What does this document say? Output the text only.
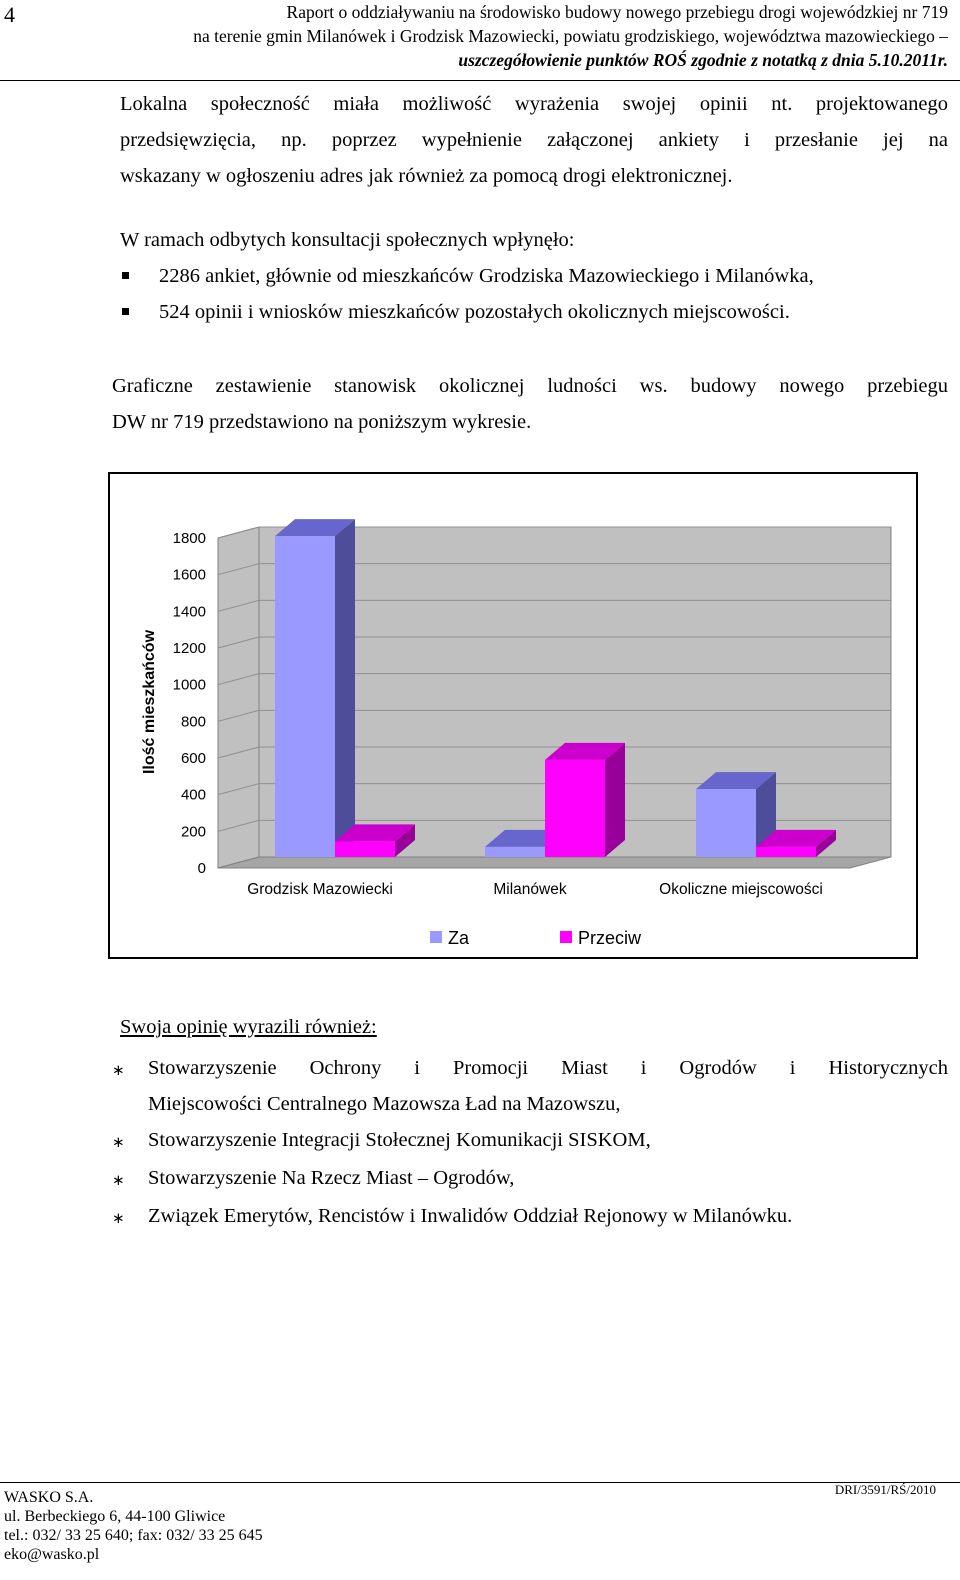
4	Raport o oddziaływaniu na środowisko budowy nowego przebiegu drogi wojewódzkiej nr 719
na terenie gmin Milanówek i Grodzisk Mazowiecki, powiatu grodziskiego, województwa mazowieckiego –
uszczegółowienie punktów ROŚ zgodnie z notatką z dnia 5.10.2011r.
Lokalna społeczność miała możliwość wyrażenia swojej opinii nt. projektowanego
przedsięwzięcia, np. poprzez wypełnienie załączonej ankiety i przesłanie jej na
wskazany w ogłoszeniu adres jak również za pomocą drogi elektronicznej.
W ramach odbytych konsultacji społecznych wpłynęło:
2286 ankiet, głównie od mieszkańców Grodziska Mazowieckiego i Milanówka,
524 opinii i wniosków mieszkańców pozostałych okolicznych miejscowości.
Graficzne zestawienie stanowisk okolicznej ludności ws. budowy nowego przebiegu
DW nr 719 przedstawiono na poniższym wykresie.
0
200
400
600
800
1000
1200
1400
1600
1800
Ilość mieszkańców
Grodzisk Mazowiecki	Milanówek	Okoliczne miejscowości
Za	Przeciw
Swoja opinię wyrazili również:
∗	Stowarzyszenie Ochrony i Promocji Miast i Ogrodów i Historycznych
Miejscowości Centralnego Mazowsza Ład na Mazowszu,
∗	Stowarzyszenie Integracji Stołecznej Komunikacji SISKOM,
∗	Stowarzyszenie Na Rzecz Miast – Ogrodów,
∗	Związek Emerytów, Rencistów i Inwalidów Oddział Rejonowy w Milanówku.
WASKO S.A.
ul. Berbeckiego 6, 44-100 Gliwice
tel.: 032/ 33 25 640; fax: 032/ 33 25 645
eko@wasko.pl
DRI/3591/RŚ/2010
